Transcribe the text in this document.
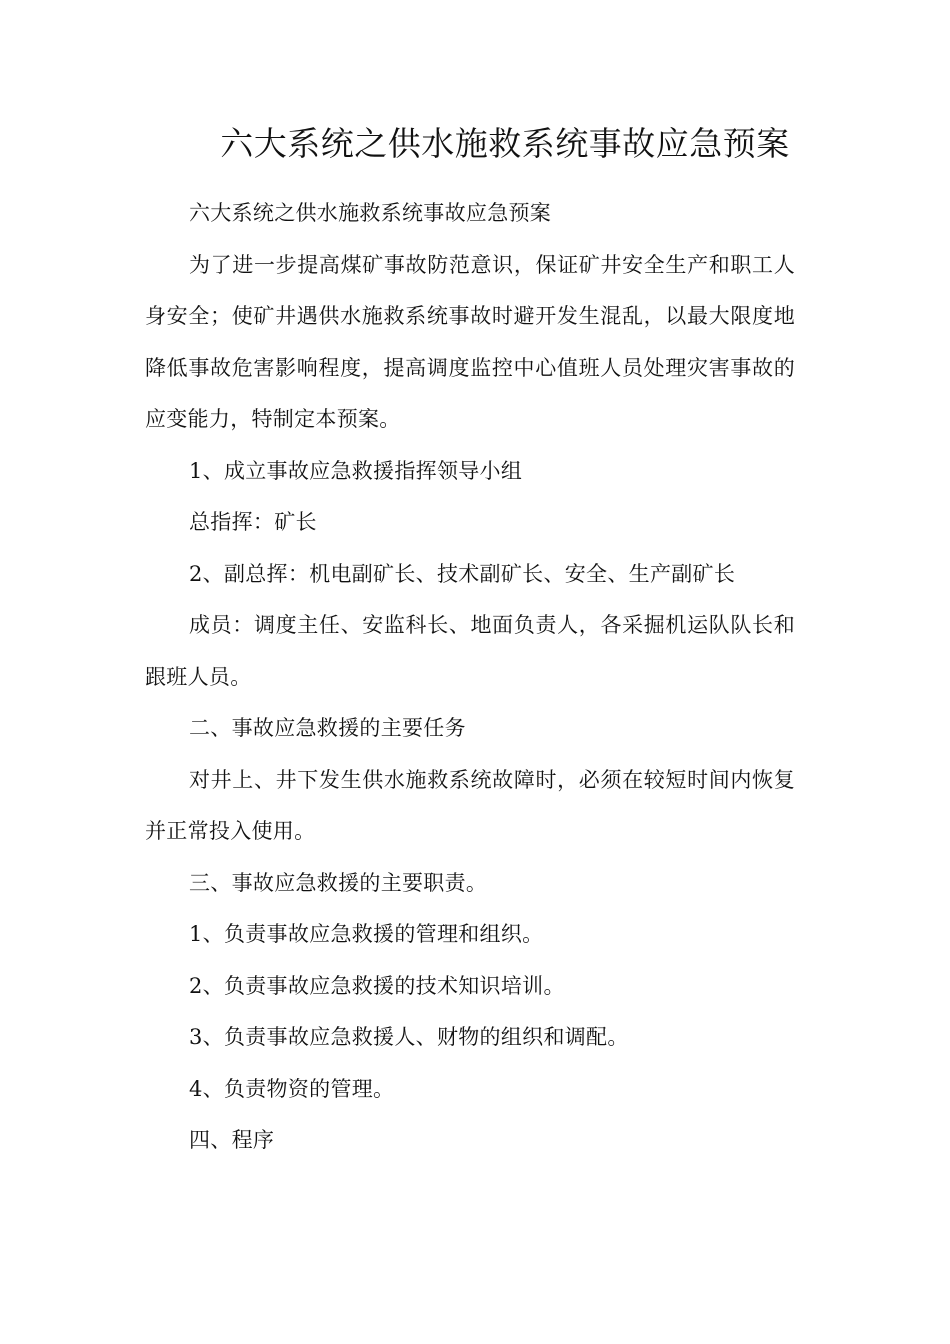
六大系统之供水施救系统事故应急预案

六大系统之供水施救系统事故应急预案

为了进一步提高煤矿事故防范意识，保证矿井安全生产和职工人身安全；使矿井遇供水施救系统事故时避开发生混乱，以最大限度地降低事故危害影响程度，提高调度监控中心值班人员处理灾害事故的应变能力，特制定本预案。

1、成立事故应急救援指挥领导小组

总指挥：矿长

2、副总挥：机电副矿长、技术副矿长、安全、生产副矿长

成员：调度主任、安监科长、地面负责人，各采掘机运队队长和跟班人员。

二、事故应急救援的主要任务

对井上、井下发生供水施救系统故障时，必须在较短时间内恢复并正常投入使用。

三、事故应急救援的主要职责。

1、负责事故应急救援的管理和组织。

2、负责事故应急救援的技术知识培训。

3、负责事故应急救援人、财物的组织和调配。

4、负责物资的管理。

四、程序
